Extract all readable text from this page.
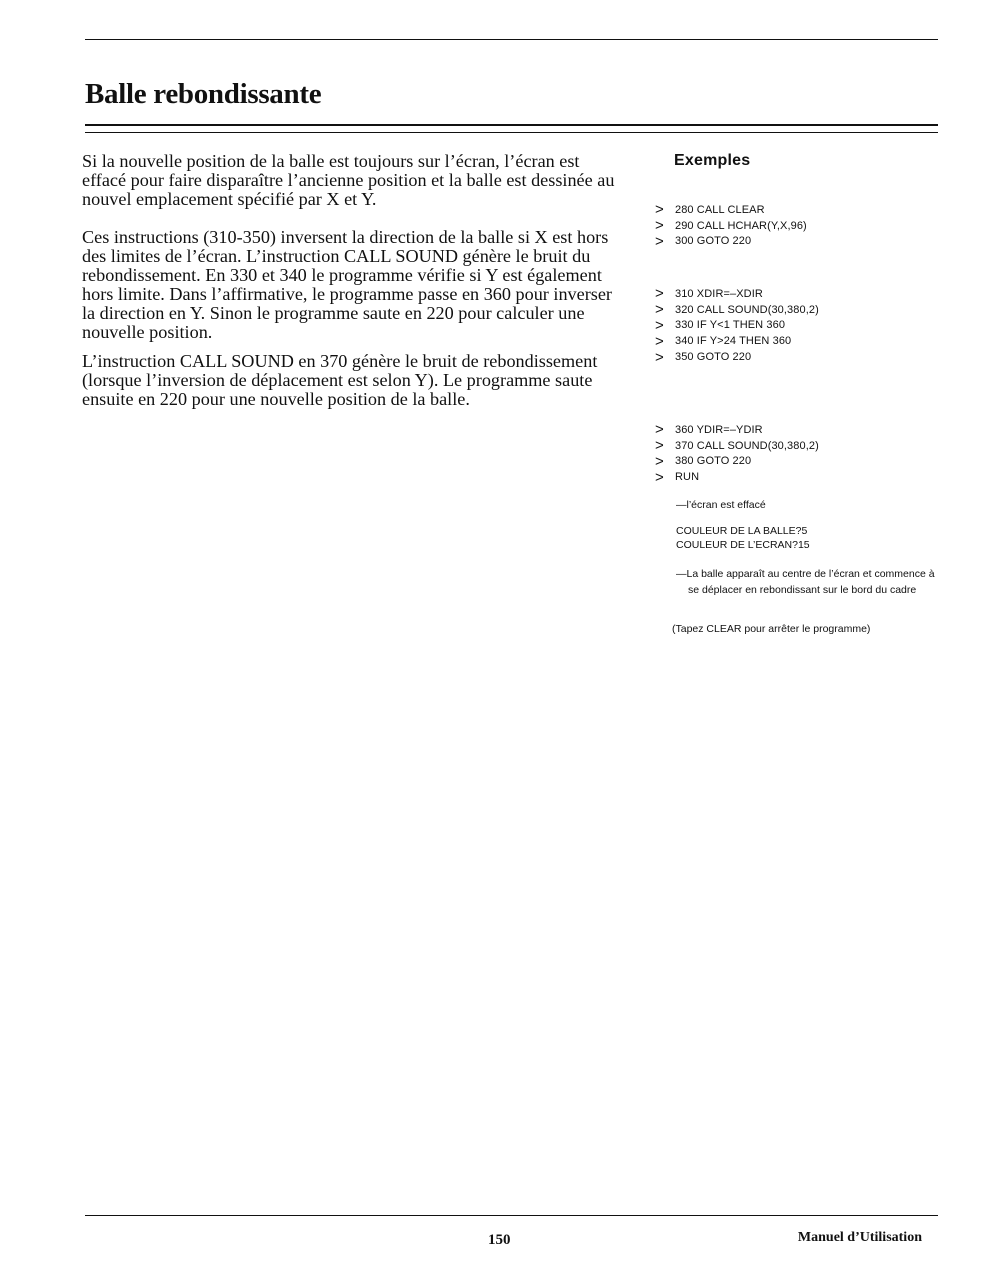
Balle rebondissante

Si la nouvelle position de la balle est toujours sur l’écran, l’écran est effacé pour faire disparaître l’ancienne position et la balle est dessinée au nouvel emplacement spécifié par X et Y.

Ces instructions (310-350) inversent la direction de la balle si X est hors des limites de l’écran. L’instruction CALL SOUND génère le bruit du rebondissement. En 330 et 340 le programme vérifie si Y est également hors limite. Dans l’affirmative, le programme passe en 360 pour inverser la direction en Y. Sinon le programme saute en 220 pour calculer une nouvelle position.

L’instruction CALL SOUND en 370 génère le bruit de rebondissement (lorsque l’inversion de déplacement est selon Y). Le programme saute ensuite en 220 pour une nouvelle position de la balle.

Exemples
>	280 CALL CLEAR
>	290 CALL HCHAR(Y,X,96)
>	300 GOTO 220
>	310 XDIR=–XDIR
>	320 CALL SOUND(30,380,2)
>	330 IF Y<1 THEN 360
>	340 IF Y>24 THEN 360
>	350 GOTO 220
>	360 YDIR=–YDIR
>	370 CALL SOUND(30,380,2)
>	380 GOTO 220
>	RUN
—l’écran est effacé
COULEUR DE LA BALLE?5
COULEUR DE L’ECRAN?15
—La balle apparaît au centre de l’écran et commence à se déplacer en rebondissant sur le bord du cadre
(Tapez CLEAR pour arrêter le programme)
150	Manuel d’Utilisation
